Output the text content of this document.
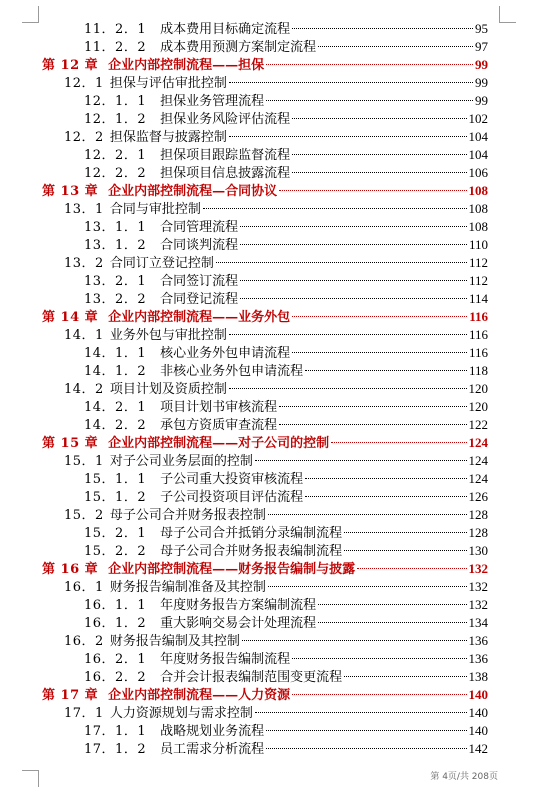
11．2．1 成本费用目标确定流程	95
11．2．2 成本费用预测方案制定流程	97
第 12 章 企业内部控制流程——担保	99
12．1 担保与评估审批控制	99
12．1．1 担保业务管理流程	99
12．1．2 担保业务风险评估流程	102
12．2 担保监督与披露控制	104
12．2．1 担保项目跟踪监督流程	104
12．2．2 担保项目信息披露流程	106
第 13 章 企业内部控制流程—合同协议	108
13．1 合同与审批控制	108
13．1．1 合同管理流程	108
13．1．2 合同谈判流程	110
13．2 合同订立登记控制	112
13．2．1 合同签订流程	112
13．2．2 合同登记流程	114
第 14 章 企业内部控制流程——业务外包	116
14．1 业务外包与审批控制	116
14．1．1 核心业务外包申请流程	116
14．1．2 非核心业务外包申请流程	118
14．2 项目计划及资质控制	120
14．2．1 项目计划书审核流程	120
14．2．2 承包方资质审查流程	122
第 15 章 企业内部控制流程——对子公司的控制	124
15．1 对子公司业务层面的控制	124
15．1．1 子公司重大投资审核流程	124
15．1．2 子公司投资项目评估流程	126
15．2 母子公司合并财务报表控制	128
15．2．1 母子公司合并抵销分录编制流程	128
15．2．2 母子公司合并财务报表编制流程	130
第 16 章 企业内部控制流程——财务报告编制与披露	132
16．1 财务报告编制准备及其控制	132
16．1．1 年度财务报告方案编制流程	132
16．1．2 重大影响交易会计处理流程	134
16．2 财务报告编制及其控制	136
16．2．1 年度财务报告编制流程	136
16．2．2 合并会计报表编制范围变更流程	138
第 17 章 企业内部控制流程——人力资源	140
17．1 人力资源规划与需求控制	140
17．1．1 战略规划业务流程	140
17．1．2 员工需求分析流程	142
第 4页/共 208页
